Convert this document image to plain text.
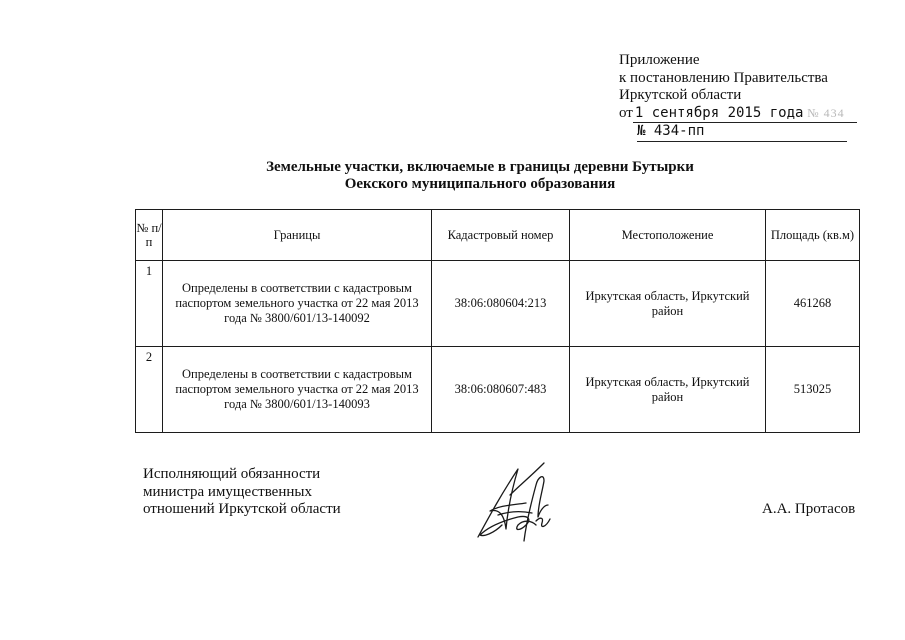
Приложение
к постановлению Правительства
Иркутской области
от 1 сентября 2015 года № 434
№ 434-пп
Земельные участки, включаемые в границы деревни Бутырки
Оекского муниципального образования
№ п/п	Границы	Кадастровый номер	Местоположение	Площадь (кв.м)
1	Определены в соответствии с кадастровым паспортом земельного участка от 22 мая 2013 года № 3800/601/13-140092	38:06:080604:213	Иркутская область, Иркутский район	461268
2	Определены в соответствии с кадастровым паспортом земельного участка от 22 мая 2013 года № 3800/601/13-140093	38:06:080607:483	Иркутская область, Иркутский район	513025
Исполняющий обязанности
министра имущественных
отношений Иркутской области	А.А. Протасов
